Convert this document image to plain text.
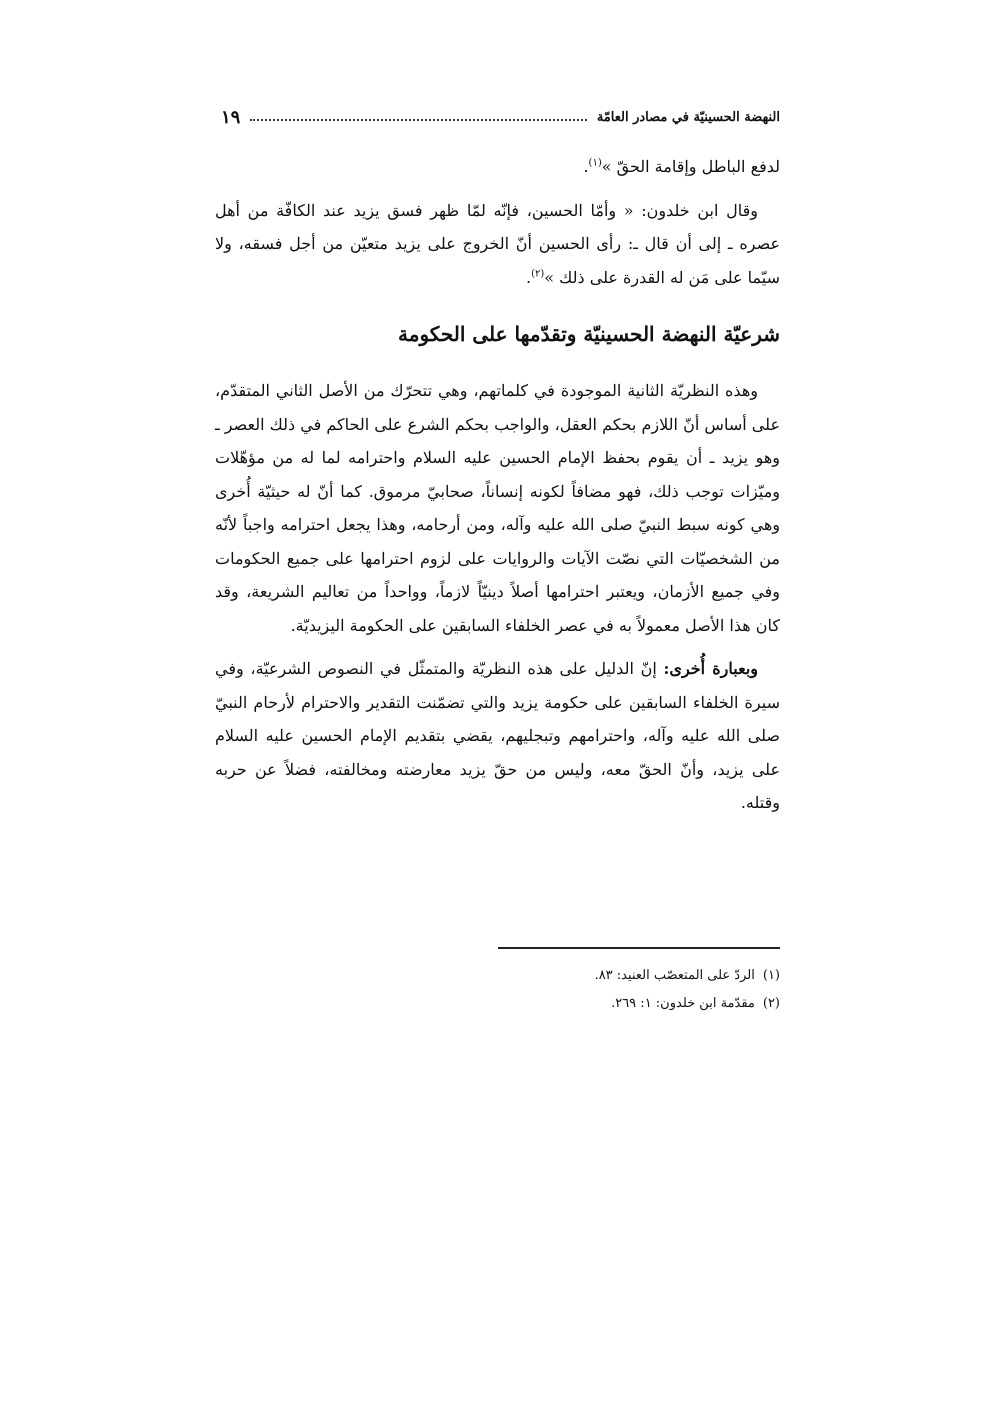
النهضة الحسينيّة في مصادر العامّة
١٩

لدفع الباطل وإقامة الحقّ »$^{(١)}$.

وقال ابن خلدون: « وأمّا الحسين، فإنّه لمّا ظهر فسق يزيد عند الكافّة من أهل عصره ـ إلى أن قال ـ: رأى الحسين أنّ الخروج على يزيد متعيّن من أجل فسقه، ولا سيّما على مَن له القدرة على ذلك »$^{(٢)}$.

شرعيّة النهضة الحسينيّة وتقدّمها على الحكومة

وهذه النظريّة الثانية الموجودة في كلماتهم، وهي تتحرّك من الأصل الثاني المتقدّم، على أساس أنّ اللازم بحكم العقل، والواجب بحكم الشرع على الحاكم في ذلك العصر ـ وهو يزيد ـ أن يقوم بحفظ الإمام الحسين عليه السلام واحترامه لما له من مؤهّلات وميّزات توجب ذلك، فهو مضافاً لكونه إنساناً، صحابيّ مرموق. كما أنّ له حيثيّة أُخرى وهي كونه سبط النبيّ صلى الله عليه وآله، ومن أرحامه، وهذا يجعل احترامه واجباً لأنّه من الشخصيّات التي نصّت الآيات والروايات على لزوم احترامها على جميع الحكومات وفي جميع الأزمان، ويعتبر احترامها أصلاً دينيّاً لازماً، وواحداً من تعاليم الشريعة، وقد كان هذا الأصل معمولاً به في عصر الخلفاء السابقين على الحكومة اليزيديّة.

وبعبارة أُخرى: إنّ الدليل على هذه النظريّة والمتمثّل في النصوص الشرعيّة، وفي سيرة الخلفاء السابقين على حكومة يزيد والتي تضمّنت التقدير والاحترام لأرحام النبيّ صلى الله عليه وآله، واحترامهم وتبجليهم، يقضي بتقديم الإمام الحسين عليه السلام على يزيد، وأنّ الحقّ معه، وليس من حقّ يزيد معارضته ومخالفته، فضلاً عن حربه وقتله.

(١)
الردّ على المتعصّب العنيد: ٨٣.
(٢)
مقدّمة ابن خلدون: ١: ٢٦٩.
